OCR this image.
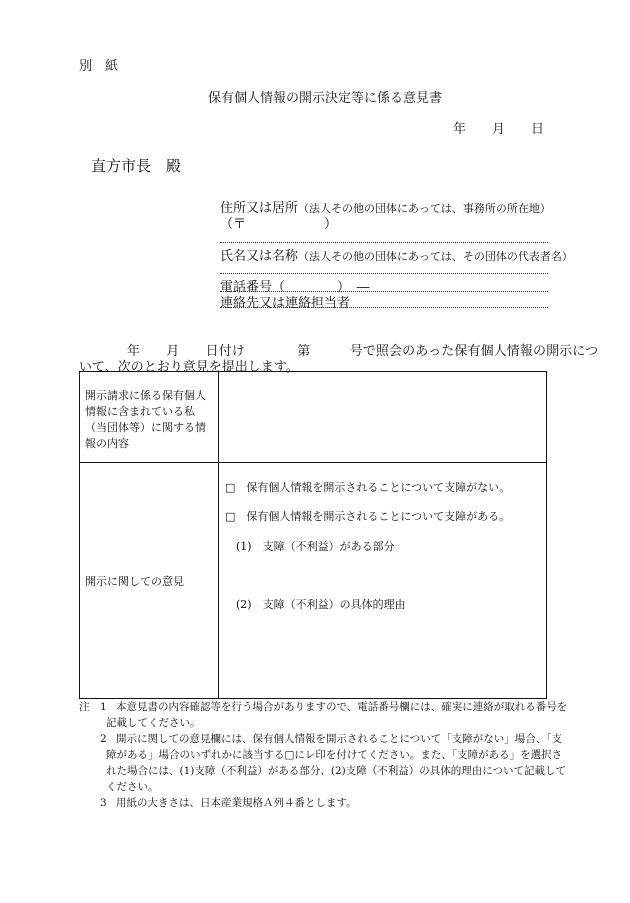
別　紙
保有個人情報の開示決定等に係る意見書
年　　月　　日
直方市長　殿
住所又は居所（法人その他の団体にあっては、事務所の所在地）
（〒　　　　　　）
氏名又は名称（法人その他の団体にあっては、その団体の代表者名）
電話番号（　　　　）　―
連絡先又は連絡担当者
年　　月　　日付け　　　　第　　　号で照会のあった保有個人情報の開示につ
いて、次のとおり意見を提出します。
開示請求に係る保有個人
情報に含まれている私
（当団体等）に関する情
報の内容	

開示に関しての意見	□　 保有個人情報を開示されることについて支障がない。
□　 保有個人情報を開示されることについて支障がある。
(1)　支障（不利益）がある部分
(2)　支障（不利益）の具体的理由
注 1 本意見書の内容確認等を行う場合がありますので、電話番号欄には、確実に連絡が取れる番号を
記載してください。
2 開示に関しての意見欄には、保有個人情報を開示されることについて「支障がない」場合、「支
障がある」場合のいずれかに該当する□にレ印を付けてください。また、「支障がある」を選択さ
れた場合には、(1)支障（不利益）がある部分、(2)支障（不利益）の具体的理由について記載して
ください。
3 用紙の大きさは、日本産業規格Ａ列４番とします。
